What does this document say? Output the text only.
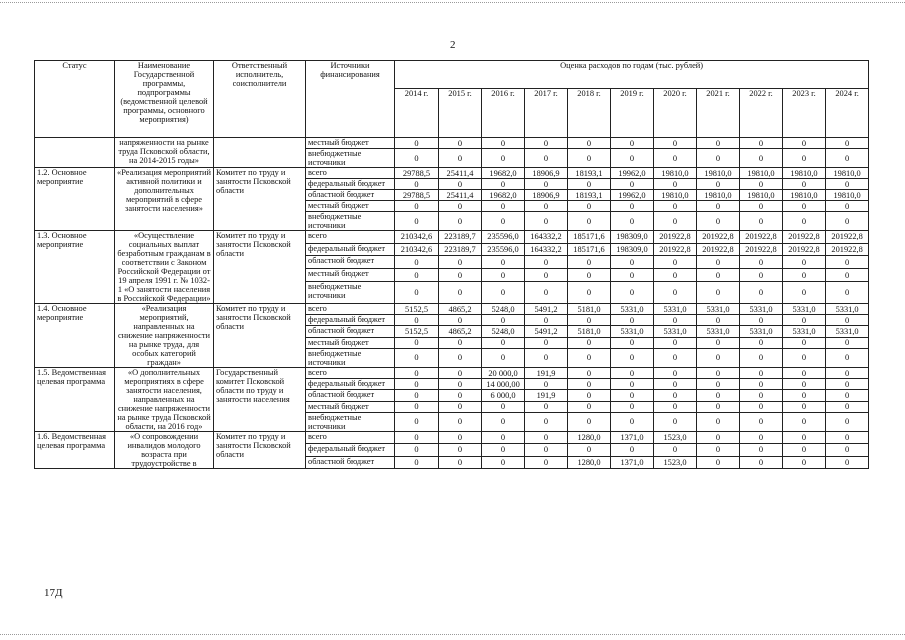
2
Статус	Наименование Государственной программы, подпрограммы (ведомственной целевой программы, основного мероприятия)	Ответственный исполнитель, соисполнители	Источники финансирования	Оценка расходов по годам (тыс. рублей)										
				2014 г.	2015 г.	2016 г.	2017 г.	2018 г.	2019 г.	2020 г.	2021 г.	2022 г.	2023 г.	2024 г.
	напряженности на рынке труда Псковской области, на 2014-2015 годы»		местный бюджет	0	0	0	0	0	0	0	0	0	0	0
			внебюджетные источники	0	0	0	0	0	0	0	0	0	0	0
1.2. Основное мероприятие	«Реализация мероприятий активной политики и дополнительных мероприятий в сфере занятости населения»	Комитет по труду и занятости Псковской области	всего	29788,5	25411,4	19682,0	18906,9	18193,1	19962,0	19810,0	19810,0	19810,0	19810,0	19810,0
			федеральный бюджет	0	0	0	0	0	0	0	0	0	0	0
			областной бюджет	29788,5	25411,4	19682,0	18906,9	18193,1	19962,0	19810,0	19810,0	19810,0	19810,0	19810,0
			местный бюджет	0	0	0	0	0	0	0	0	0	0	0
			внебюджетные источники	0	0	0	0	0	0	0	0	0	0	0
1.3. Основное мероприятие	«Осуществление социальных выплат безработным гражданам в соответствии с Законом Российской Федерации от 19 апреля 1991 г. № 1032-1 «О занятости населения в Российской Федерации»	Комитет по труду и занятости Псковской области	всего	210342,6	223189,7	235596,0	164332,2	185171,6	198309,0	201922,8	201922,8	201922,8	201922,8	201922,8
			федеральный бюджет	210342,6	223189,7	235596,0	164332,2	185171,6	198309,0	201922,8	201922,8	201922,8	201922,8	201922,8
			областной бюджет	0	0	0	0	0	0	0	0	0	0	0
			местный бюджет	0	0	0	0	0	0	0	0	0	0	0
			внебюджетные источники	0	0	0	0	0	0	0	0	0	0	0
1.4. Основное мероприятие	«Реализация мероприятий, направленных на снижение напряженности на рынке труда, для особых категорий граждан»	Комитет по труду и занятости Псковской области	всего	5152,5	4865,2	5248,0	5491,2	5181,0	5331,0	5331,0	5331,0	5331,0	5331,0	5331,0
			федеральный бюджет	0	0	0	0	0	0	0	0	0	0	0
			областной бюджет	5152,5	4865,2	5248,0	5491,2	5181,0	5331,0	5331,0	5331,0	5331,0	5331,0	5331,0
			местный бюджет	0	0	0	0	0	0	0	0	0	0	0
			внебюджетные источники	0	0	0	0	0	0	0	0	0	0	0
1.5. Ведомственная целевая программа	«О дополнительных мероприятиях в сфере занятости населения, направленных на снижение напряженности на рынке труда Псковской области, на 2016 год»	Государственный комитет Псковской области по труду и занятости населения	всего	0	0	20 000,0	191,9	0	0	0	0	0	0	0
			федеральный бюджет	0	0	14 000,00	0	0	0	0	0	0	0	0
			областной бюджет	0	0	6 000,0	191,9	0	0	0	0	0	0	0
			местный бюджет	0	0	0	0	0	0	0	0	0	0	0
			внебюджетные источники	0	0	0	0	0	0	0	0	0	0	0
1.6. Ведомственная целевая программа	«О сопровождении инвалидов молодого возраста при трудоустройстве в	Комитет по труду и занятости Псковской области	всего	0	0	0	0	1280,0	1371,0	1523,0	0	0	0	0
			федеральный бюджет	0	0	0	0	0	0	0	0	0	0	0
			областной бюджет	0	0	0	0	1280,0	1371,0	1523,0	0	0	0	0
17Д
